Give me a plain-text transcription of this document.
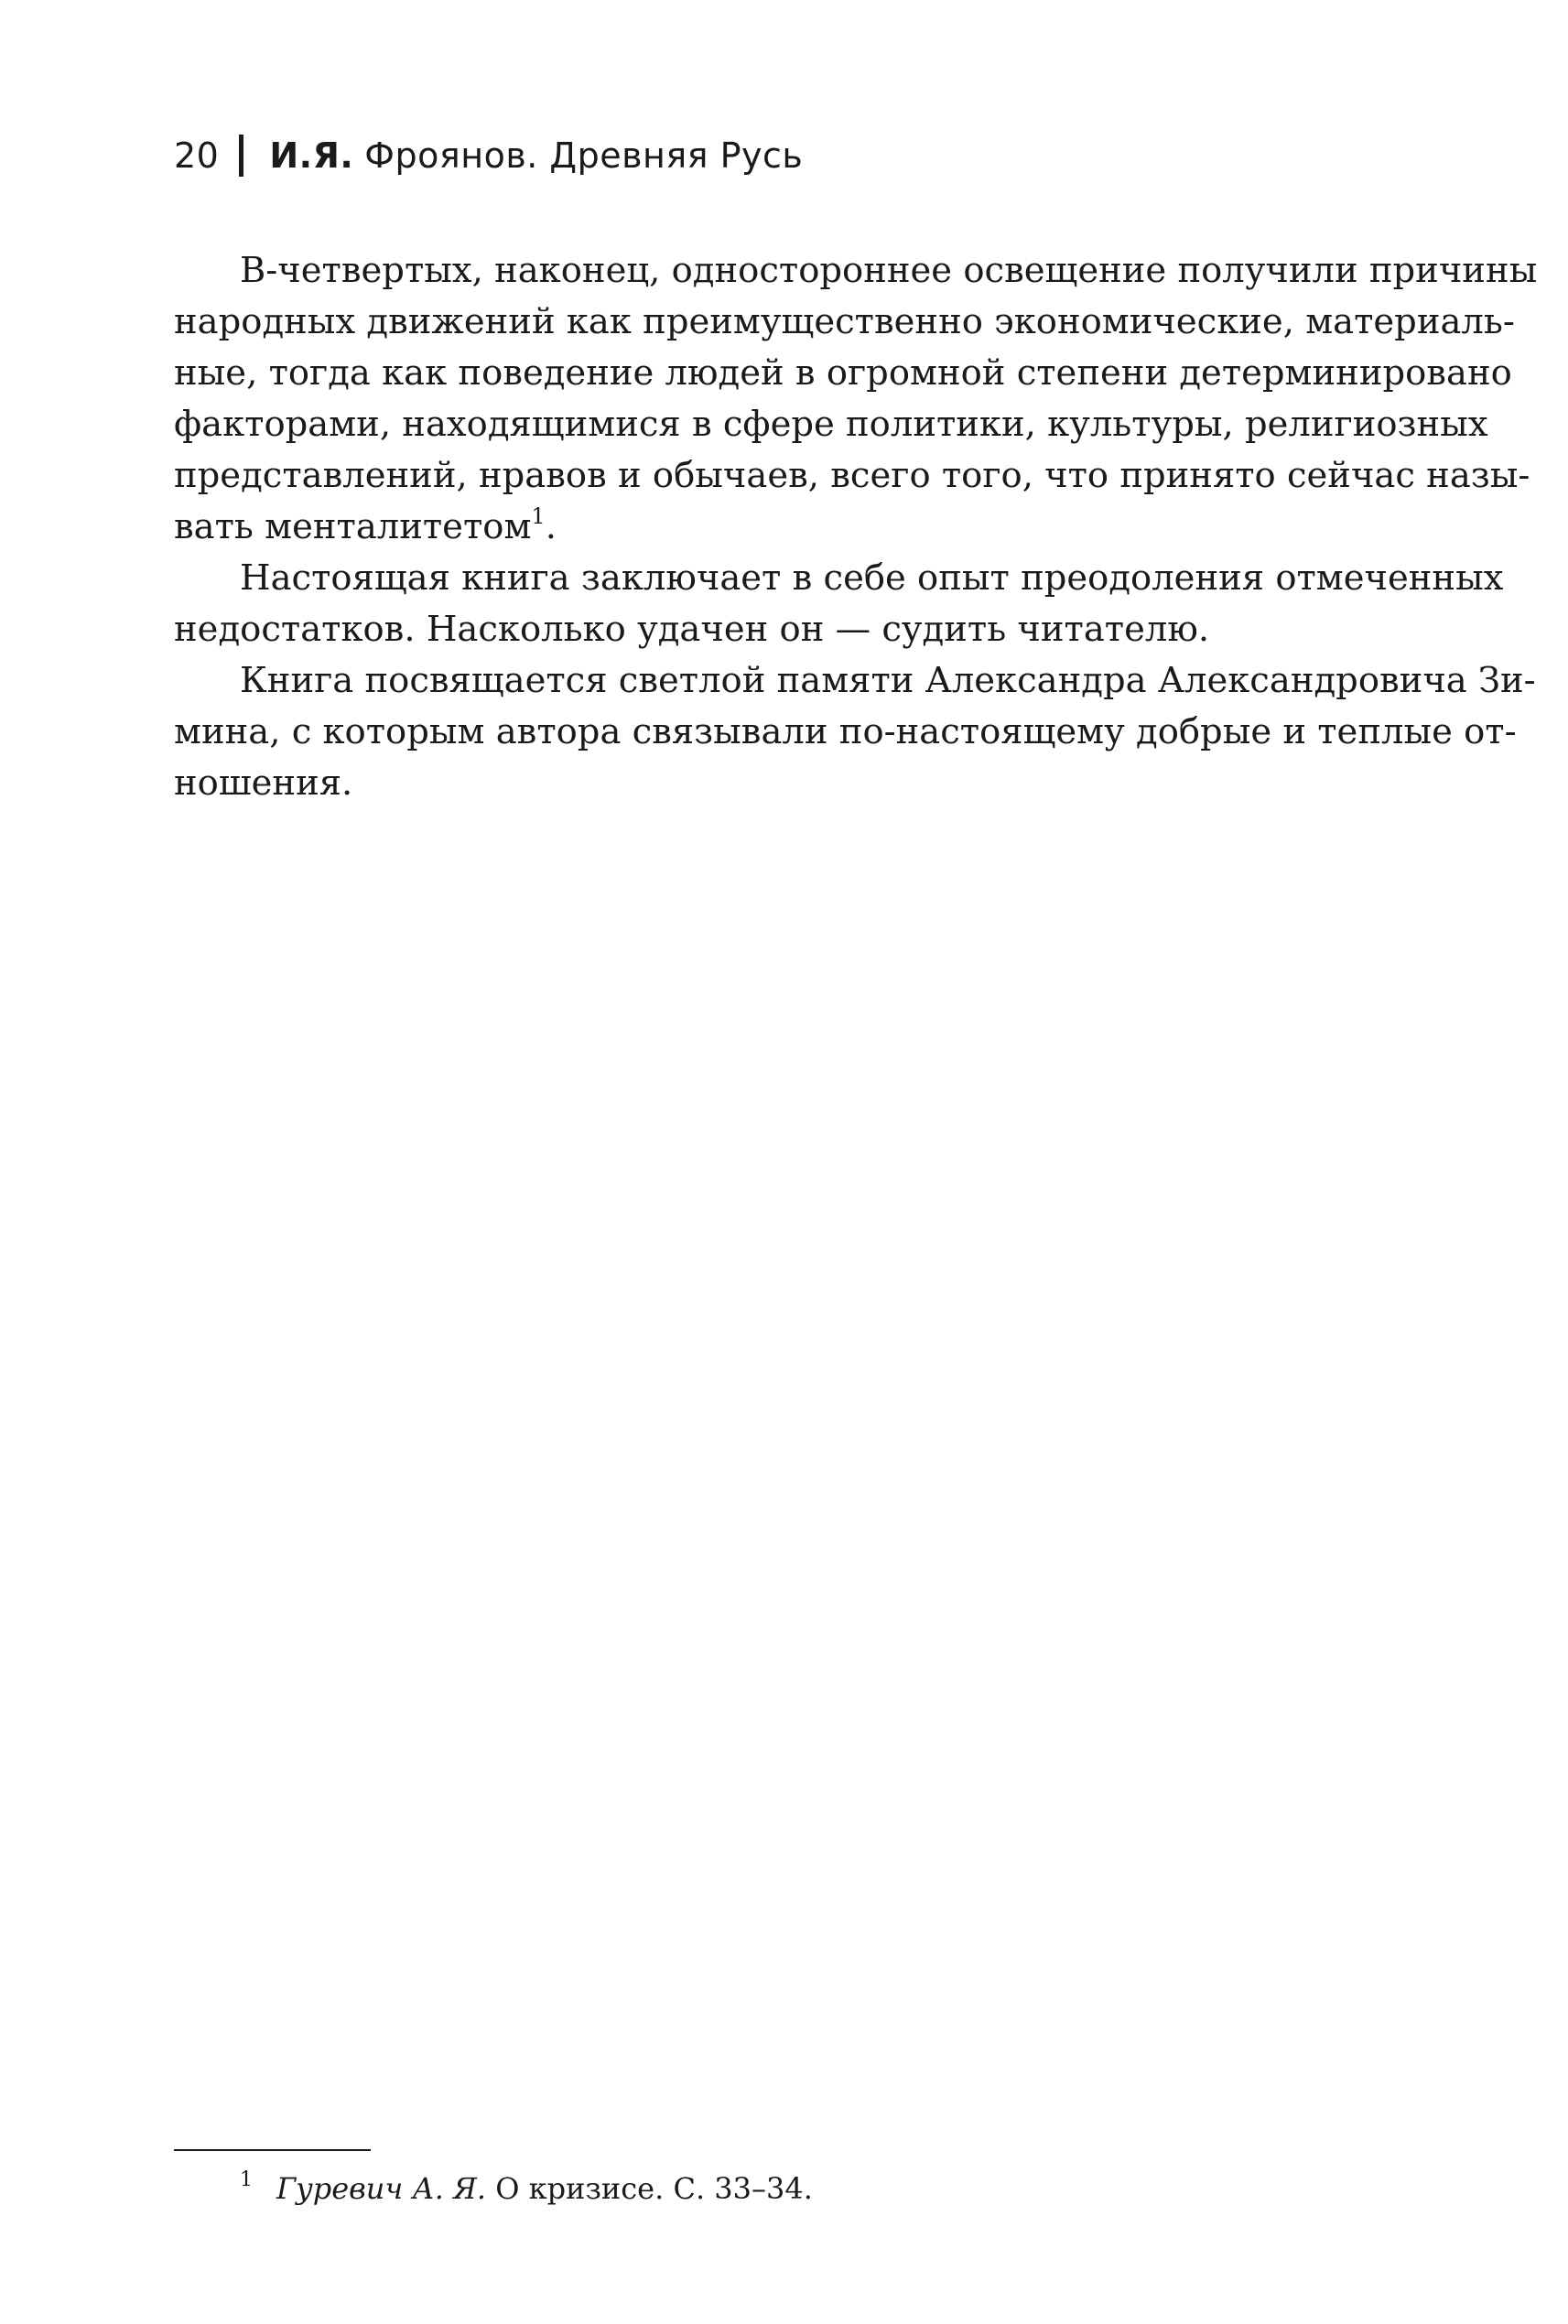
20 И.Я. Фроянов. Древняя Русь
В-четвертых, наконец, одностороннее освещение получили причины
народных движений как преимущественно экономические, материаль-
ные, тогда как поведение людей в огромной степени детерминировано
факторами, находящимися в сфере политики, культуры, религиозных
представлений, нравов и обычаев, всего того, что принято сейчас назы-
вать менталитетом$^1$.
Настоящая книга заключает в себе опыт преодоления отмеченных
недостатков. Насколько удачен он — судить читателю.
Книга посвящается светлой памяти Александра Александровича Зи-
мина, с которым автора связывали по-настоящему добрые и теплые от-
ношения.
$^1$ Гуревич А. Я. О кризисе. С. 33–34.
